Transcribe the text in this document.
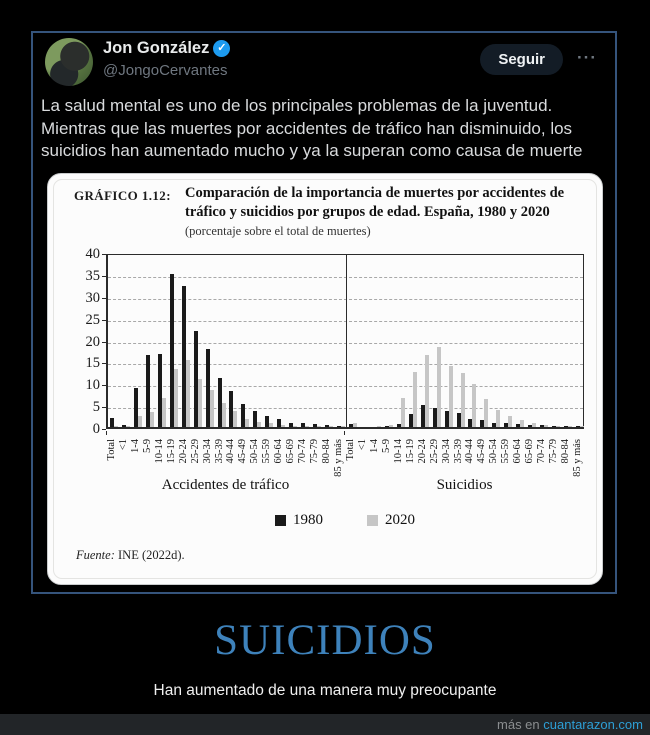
Jon González ✓
@JongoCervantes
Seguir	···
La salud mental es uno de los principales problemas de la juventud. Mientras que las muertes por accidentes de tráfico han disminuido, los suicidios han aumentado mucho y ya la superan como causa de muerte
GRÁFICO 1.12: Comparación de la importancia de muertes por accidentes de
tráfico y suicidios por grupos de edad. España, 1980 y 2020
(porcentaje sobre el total de muertes)
0
5
10
15
20
25
30
35
40
Total <1 1-4 5-9 10-14 15-19 20-24 25-29 30-34 35-39 40-44 45-49 50-54 55-59 60-64 65-69 70-74 75-79 80-84 85 y más Total <1 1-4 5-9 10-14 15-19 20-24 25-29 30-34 35-39 40-44 45-49 50-54 55-59 60-64 65-69 70-74 75-79 80-84 85 y más
Accidentes de tráfico	Suicidios
1980	2020
Fuente: INE (2022d).
SUICIDIOS
Han aumentado de una manera muy preocupante
más en cuantarazon.com
